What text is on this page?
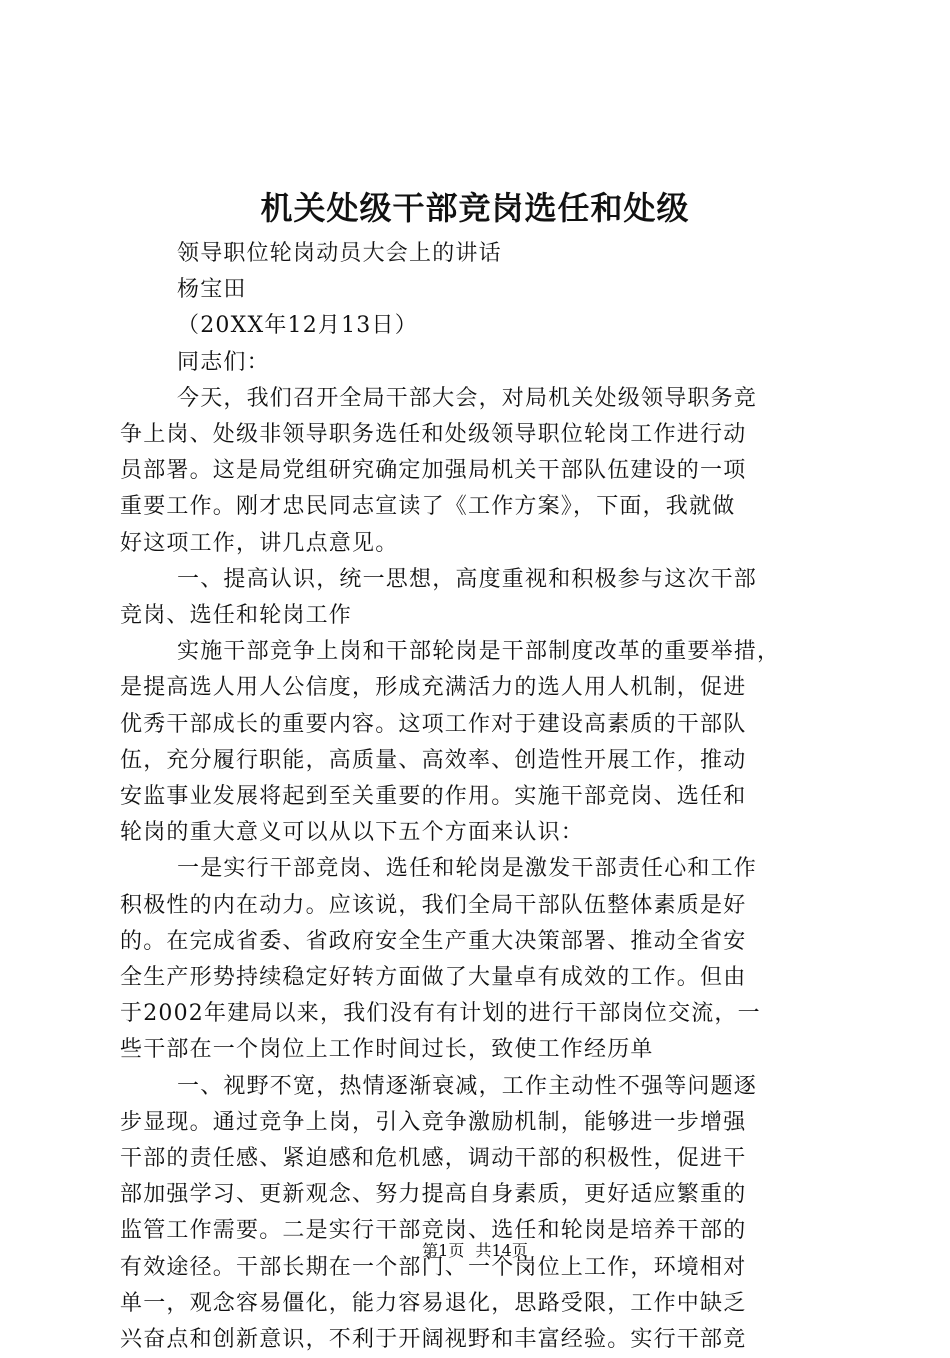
机关处级干部竞岗选任和处级

领导职位轮岗动员大会上的讲话

杨宝田

（20XX年12月13日）

同志们：

今天，我们召开全局干部大会，对局机关处级领导职务竞

争上岗、处级非领导职务选任和处级领导职位轮岗工作进行动

员部署。这是局党组研究确定加强局机关干部队伍建设的一项

重要工作。刚才忠民同志宣读了《工作方案》，下面，我就做

好这项工作，讲几点意见。

一、提高认识，统一思想，高度重视和积极参与这次干部

竞岗、选任和轮岗工作

实施干部竞争上岗和干部轮岗是干部制度改革的重要举措，

是提高选人用人公信度，形成充满活力的选人用人机制，促进

优秀干部成长的重要内容。这项工作对于建设高素质的干部队

伍，充分履行职能，高质量、高效率、创造性开展工作，推动

安监事业发展将起到至关重要的作用。实施干部竞岗、选任和

轮岗的重大意义可以从以下五个方面来认识：

一是实行干部竞岗、选任和轮岗是激发干部责任心和工作

积极性的内在动力。应该说，我们全局干部队伍整体素质是好

的。在完成省委、省政府安全生产重大决策部署、推动全省安

全生产形势持续稳定好转方面做了大量卓有成效的工作。但由

于2002年建局以来，我们没有有计划的进行干部岗位交流，一

些干部在一个岗位上工作时间过长，致使工作经历单

一、视野不宽，热情逐渐衰减，工作主动性不强等问题逐

步显现。通过竞争上岗，引入竞争激励机制，能够进一步增强

干部的责任感、紧迫感和危机感，调动干部的积极性，促进干

部加强学习、更新观念、努力提高自身素质，更好适应繁重的

监管工作需要。二是实行干部竞岗、选任和轮岗是培养干部的

有效途径。干部长期在一个部门、一个岗位上工作，环境相对

单一，观念容易僵化，能力容易退化，思路受限，工作中缺乏

兴奋点和创新意识，不利于开阔视野和丰富经验。实行干部竞

第1页 共14页
